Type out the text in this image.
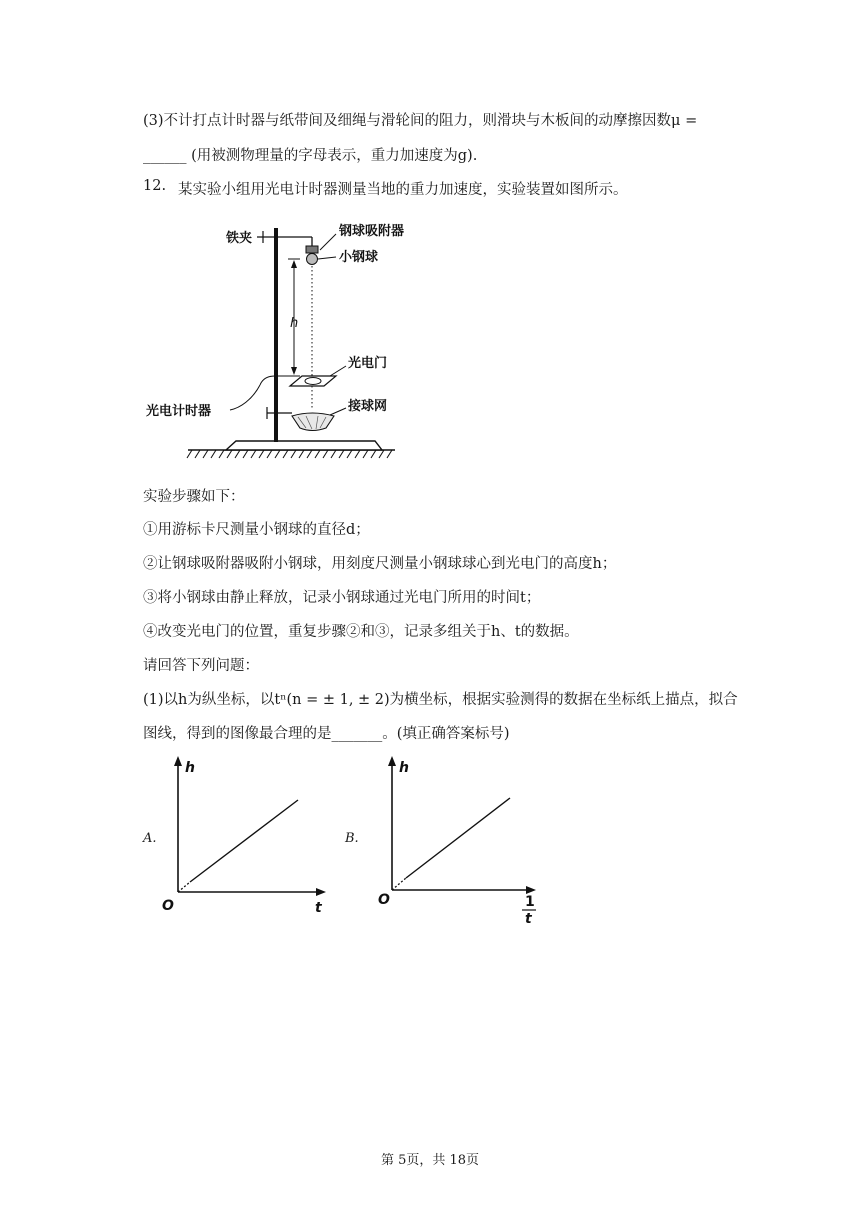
(3)不计打点计时器与纸带间及细绳与滑轮间的阻力，则滑块与木板间的动摩擦因数μ =
______ (用被测物理量的字母表示，重力加速度为g).
12. 某实验小组用光电计时器测量当地的重力加速度，实验装置如图所示。
h
铁夹	钢球吸附器
小钢球
光电门
光电计时器	接球网
实验步骤如下：
①用游标卡尺测量小钢球的直径d；
②让钢球吸附器吸附小钢球，用刻度尺测量小钢球球心到光电门的高度h；
③将小钢球由静止释放，记录小钢球通过光电门所用的时间t；
④改变光电门的位置，重复步骤②和③，记录多组关于h、t的数据。
请回答下列问题：
(1)以h为纵坐标，以tⁿ(n = ± 1, ± 2)为横坐标，根据实验测得的数据在坐标纸上描点，拟合
图线，得到的图像最合理的是_______。(填正确答案标号)
A.
h
O	t
B.
h
O	1
t
第 5页，共 18页
